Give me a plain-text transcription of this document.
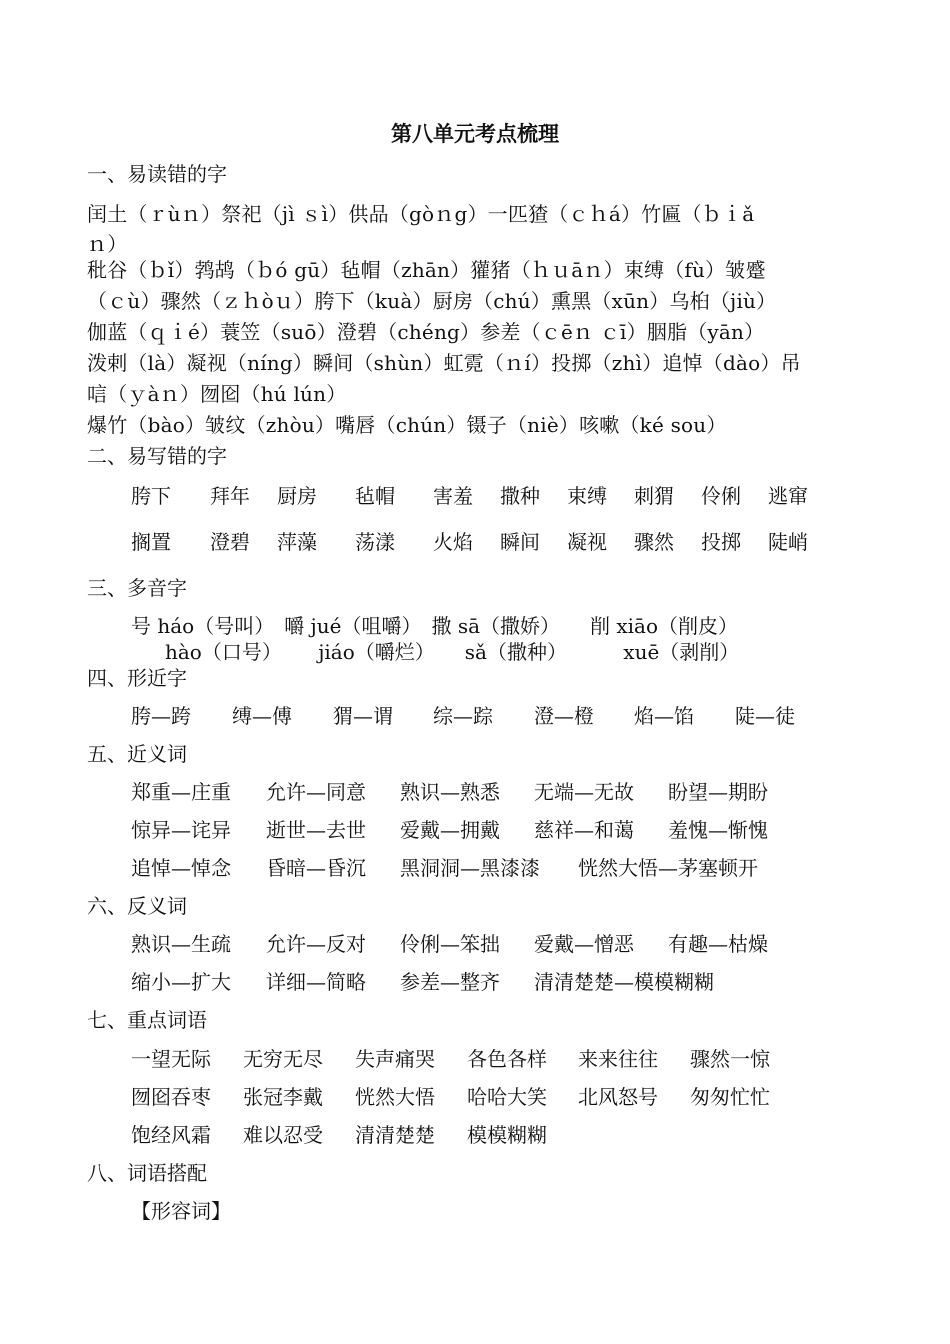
第八单元考点梳理
一、易读错的字
闰土（ｒùｎ）祭祀（jì ｓì）供品（gòｎg）一匹猹（ｃｈá）竹匾（ｂｉǎ
ｎ）
秕谷（ｂǐ）鹁鸪（ｂó gū）毡帽（zhān）獾猪（ｈｕāｎ）束缚（fù）皱蹙
（ｃù）骤然（ｚｈòｕ）胯下（kuà）厨房（chú）熏黑（xūn）乌桕（jiù）
伽蓝（ｑｉé）蓑笠（suō）澄碧（chéng）参差（ｃēｎ ｃī）胭脂（yān）
泼剌（là）凝视（níng）瞬间（shùn）虹霓（ｎí）投掷（zhì）追悼（dào）吊
唁（ｙàｎ）囫囵（hú lún）
爆竹（bào）皱纹（zhòu）嘴唇（chún）镊子（niè）咳嗽（ké sou）
二、易写错的字
胯下 拜年 厨房 毡帽 害羞 撒种 束缚 刺猬 伶俐 逃窜
搁置 澄碧 萍藻 荡漾 火焰 瞬间 凝视 骤然 投掷 陡峭
三、多音字
号 háo（号叫）　嚼 jué（咀嚼）　撒 sā（撒娇）　　削 xiāo（削皮）
hào（口号）　　 jiáo（嚼烂）　　sǎ（撒种）　　　 xuē（剥削）
四、形近字
胯—跨 缚—傅 猬—谓 综—踪 澄—橙 焰—馅 陡—徒
五、近义词
郑重—庄重 允许—同意 熟识—熟悉 无端—无故 盼望—期盼
惊异—诧异 逝世—去世 爱戴—拥戴 慈祥—和蔼 羞愧—惭愧
追悼—悼念 昏暗—昏沉 黑洞洞—黑漆漆 恍然大悟—茅塞顿开
六、反义词
熟识—生疏 允许—反对 伶俐—笨拙 爱戴—憎恶 有趣—枯燥
缩小—扩大 详细—简略 参差—整齐 清清楚楚—模模糊糊
七、重点词语
一望无际 无穷无尽 失声痛哭 各色各样 来来往往 骤然一惊
囫囵吞枣 张冠李戴 恍然大悟 哈哈大笑 北风怒号 匆匆忙忙
饱经风霜 难以忍受 清清楚楚 模模糊糊
八、词语搭配
【形容词】
